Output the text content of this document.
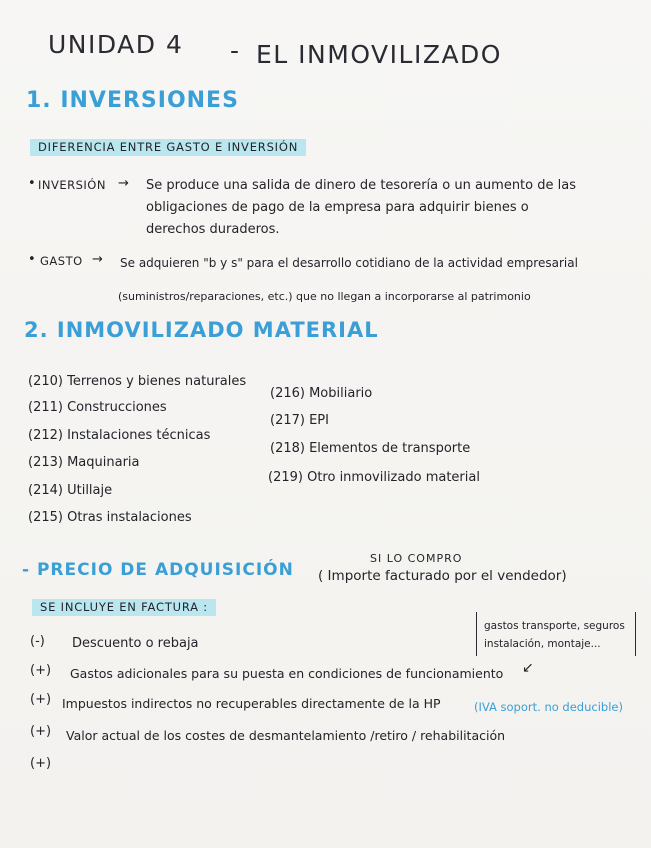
UNIDAD 4 - EL INMOVILIZADO
1. INVERSIONES
DIFERENCIA ENTRE GASTO E INVERSIÓN
• INVERSIÓN → Se produce una salida de dinero de tesorería o un aumento de las
obligaciones de pago de la empresa para adquirir bienes o
derechos duraderos.
• GASTO → Se adquieren "b y s" para el desarrollo cotidiano de la actividad empresarial
(suministros/reparaciones, etc.) que no llegan a incorporarse al patrimonio
2. INMOVILIZADO MATERIAL
(210) Terrenos y bienes naturales
(211) Construcciones
(212) Instalaciones técnicas
(213) Maquinaria
(214) Utillaje
(215) Otras instalaciones
(216) Mobiliario
(217) EPI
(218) Elementos de transporte
(219) Otro inmovilizado material
SI LO COMPRO
- PRECIO DE ADQUISICIÓN ( Importe facturado por el vendedor)
SE INCLUYE EN FACTURA :
gastos transporte, seguros
instalación, montaje...
↙
(-) Descuento o rebaja
(+) Gastos adicionales para su puesta en condiciones de funcionamiento
(+) Impuestos indirectos no recuperables directamente de la HP	(IVA soport. no deducible)
(+) Valor actual de los costes de desmantelamiento /retiro / rehabilitación
(+)
